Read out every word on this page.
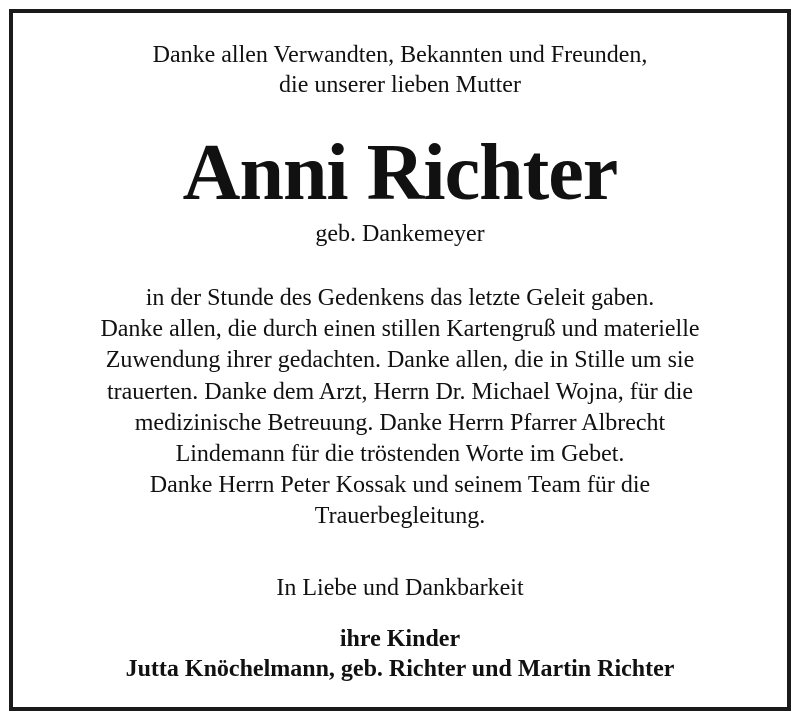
Danke allen Verwandten, Bekannten und Freunden,
die unserer lieben Mutter
Anni Richter
geb. Dankemeyer
in der Stunde des Gedenkens das letzte Geleit gaben.
Danke allen, die durch einen stillen Kartengruß und materielle
Zuwendung ihrer gedachten. Danke allen, die in Stille um sie
trauerten. Danke dem Arzt, Herrn Dr. Michael Wojna, für die
medizinische Betreuung. Danke Herrn Pfarrer Albrecht
Lindemann für die tröstenden Worte im Gebet.
Danke Herrn Peter Kossak und seinem Team für die
Trauerbegleitung.
In Liebe und Dankbarkeit
ihre Kinder
Jutta Knöchelmann, geb. Richter und Martin Richter
